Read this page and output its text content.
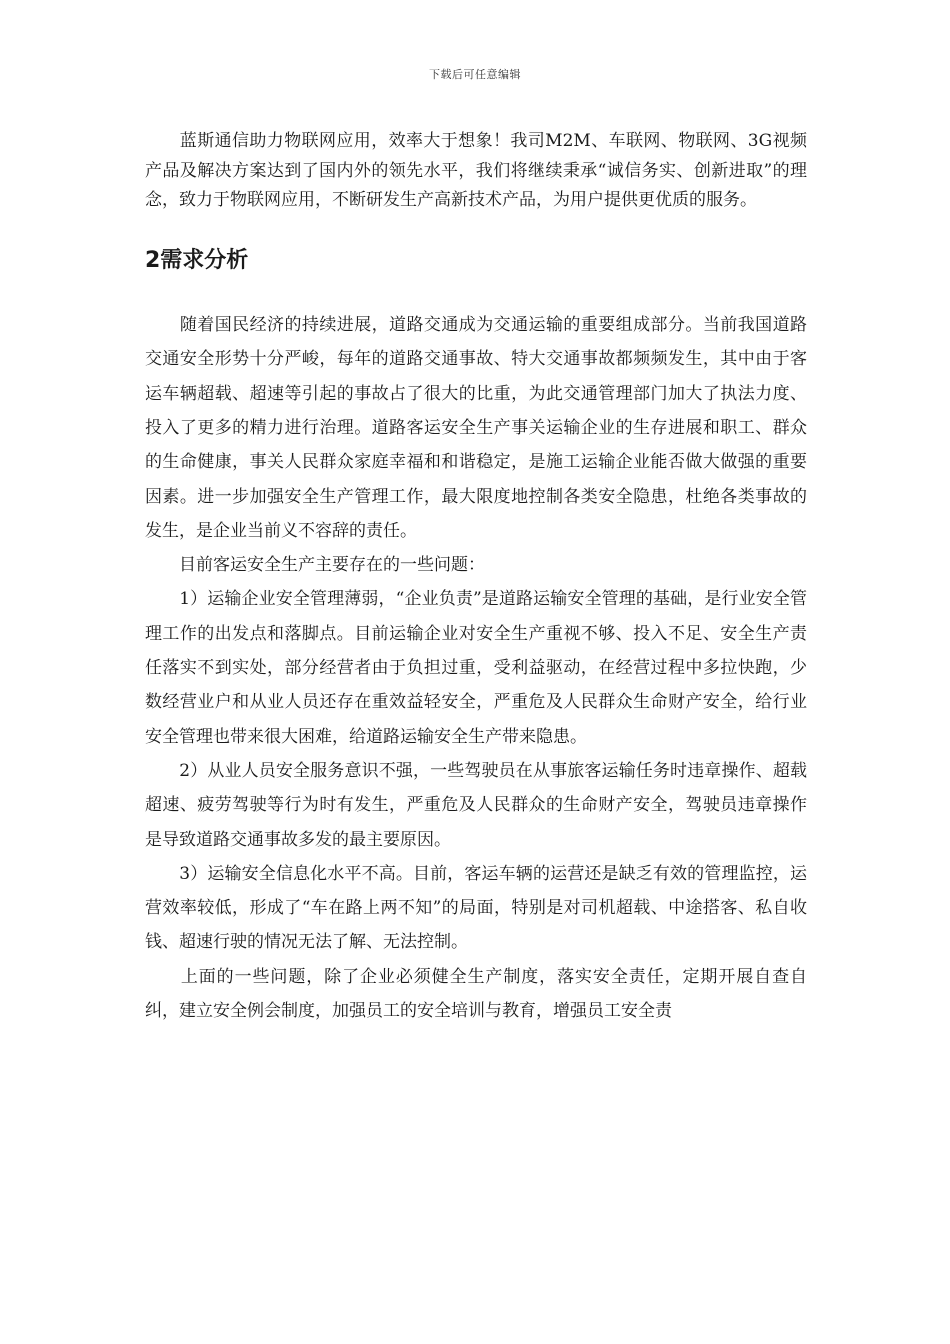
下载后可任意编辑

　　蓝斯通信助力物联网应用，效率大于想象！我司M2M、车联网、物联网、3G视频产品及解决方案达到了国内外的领先水平，我们将继续秉承“诚信务实、创新进取”的理念，致力于物联网应用，不断研发生产高新技术产品，为用户提供更优质的服务。

2需求分析

　　随着国民经济的持续进展，道路交通成为交通运输的重要组成部分。当前我国道路交通安全形势十分严峻，每年的道路交通事故、特大交通事故都频频发生，其中由于客运车辆超载、超速等引起的事故占了很大的比重，为此交通管理部门加大了执法力度、投入了更多的精力进行治理。道路客运安全生产事关运输企业的生存进展和职工、群众的生命健康，事关人民群众家庭幸福和和谐稳定，是施工运输企业能否做大做强的重要因素。进一步加强安全生产管理工作，最大限度地控制各类安全隐患，杜绝各类事故的发生，是企业当前义不容辞的责任。

　　目前客运安全生产主要存在的一些问题：

　　1）运输企业安全管理薄弱，“企业负责”是道路运输安全管理的基础，是行业安全管理工作的出发点和落脚点。目前运输企业对安全生产重视不够、投入不足、安全生产责任落实不到实处，部分经营者由于负担过重，受利益驱动，在经营过程中多拉快跑，少数经营业户和从业人员还存在重效益轻安全，严重危及人民群众生命财产安全，给行业安全管理也带来很大困难，给道路运输安全生产带来隐患。

　　2）从业人员安全服务意识不强，一些驾驶员在从事旅客运输任务时违章操作、超载超速、疲劳驾驶等行为时有发生，严重危及人民群众的生命财产安全，驾驶员违章操作是导致道路交通事故多发的最主要原因。

　　3）运输安全信息化水平不高。目前，客运车辆的运营还是缺乏有效的管理监控，运营效率较低，形成了“车在路上两不知”的局面，特别是对司机超载、中途搭客、私自收钱、超速行驶的情况无法了解、无法控制。

　　上面的一些问题，除了企业必须健全生产制度，落实安全责任，定期开展自查自纠，建立安全例会制度，加强员工的安全培训与教育，增强员工安全责
